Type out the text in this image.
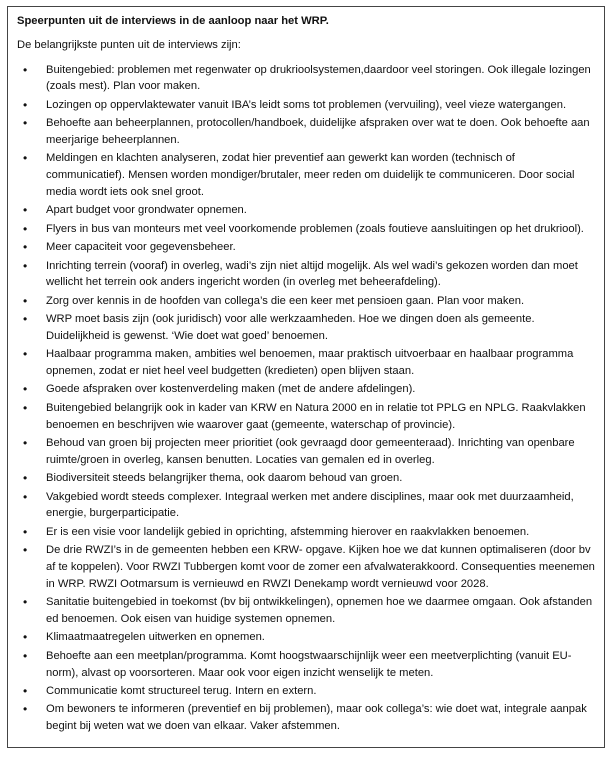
Speerpunten uit de interviews in de aanloop naar het WRP.

De belangrijkste punten uit de interviews zijn:

• Buitengebied: problemen met regenwater op drukrioolsystemen,daardoor veel storingen. Ook illegale lozingen (zoals mest). Plan voor maken.
• Lozingen op oppervlaktewater vanuit IBA’s leidt soms tot problemen (vervuiling), veel vieze watergangen.
• Behoefte aan beheerplannen, protocollen/handboek, duidelijke afspraken over wat te doen. Ook behoefte aan meerjarige beheerplannen.
• Meldingen en klachten analyseren, zodat hier preventief aan gewerkt kan worden (technisch of communicatief). Mensen worden mondiger/brutaler, meer reden om duidelijk te communiceren. Door social media wordt iets ook snel groot.
• Apart budget voor grondwater opnemen.
• Flyers in bus van monteurs met veel voorkomende problemen (zoals foutieve aansluitingen op het drukriool).
• Meer capaciteit voor gegevensbeheer.
• Inrichting terrein (vooraf) in overleg, wadi’s zijn niet altijd mogelijk. Als wel wadi’s gekozen worden dan moet wellicht het terrein ook anders ingericht worden (in overleg met beheerafdeling).
• Zorg over kennis in de hoofden van collega’s die een keer met pensioen gaan. Plan voor maken.
• WRP moet basis zijn (ook juridisch) voor alle werkzaamheden. Hoe we dingen doen als gemeente. Duidelijkheid is gewenst. ‘Wie doet wat goed’ benoemen.
• Haalbaar programma maken, ambities wel benoemen, maar praktisch uitvoerbaar en haalbaar programma opnemen, zodat er niet heel veel budgetten (kredieten) open blijven staan.
• Goede afspraken over kostenverdeling maken (met de andere afdelingen).
• Buitengebied belangrijk ook in kader van KRW en Natura 2000 en in relatie tot PPLG en NPLG. Raakvlakken benoemen en beschrijven wie waarover gaat (gemeente, waterschap of provincie).
• Behoud van groen bij projecten meer prioritiet (ook gevraagd door gemeenteraad). Inrichting van openbare ruimte/groen in overleg, kansen benutten. Locaties van gemalen ed in overleg.
• Biodiversiteit steeds belangrijker thema, ook daarom behoud van groen.
• Vakgebied wordt steeds complexer. Integraal werken met andere disciplines, maar ook met duurzaamheid, energie, burgerparticipatie.
• Er is een visie voor landelijk gebied in oprichting, afstemming hierover en raakvlakken benoemen.
• De drie RWZI’s in de gemeenten hebben een KRW- opgave. Kijken hoe we dat kunnen optimaliseren (door bv af te koppelen). Voor RWZI Tubbergen komt voor de zomer een afvalwaterakkoord. Consequenties meenemen in WRP. RWZI Ootmarsum is vernieuwd en RWZI Denekamp wordt vernieuwd voor 2028.
• Sanitatie buitengebied in toekomst (bv bij ontwikkelingen), opnemen hoe we daarmee omgaan. Ook afstanden ed benoemen. Ook eisen van huidige systemen opnemen.
• Klimaatmaatregelen uitwerken en opnemen.
• Behoefte aan een meetplan/programma. Komt hoogstwaarschijnlijk weer een meetverplichting (vanuit EU-norm), alvast op voorsorteren. Maar ook voor eigen inzicht wenselijk te meten.
• Communicatie komt structureel terug. Intern en extern.
• Om bewoners te informeren (preventief en bij problemen), maar ook collega’s: wie doet wat, integrale aanpak begint bij weten wat we doen van elkaar. Vaker afstemmen.
